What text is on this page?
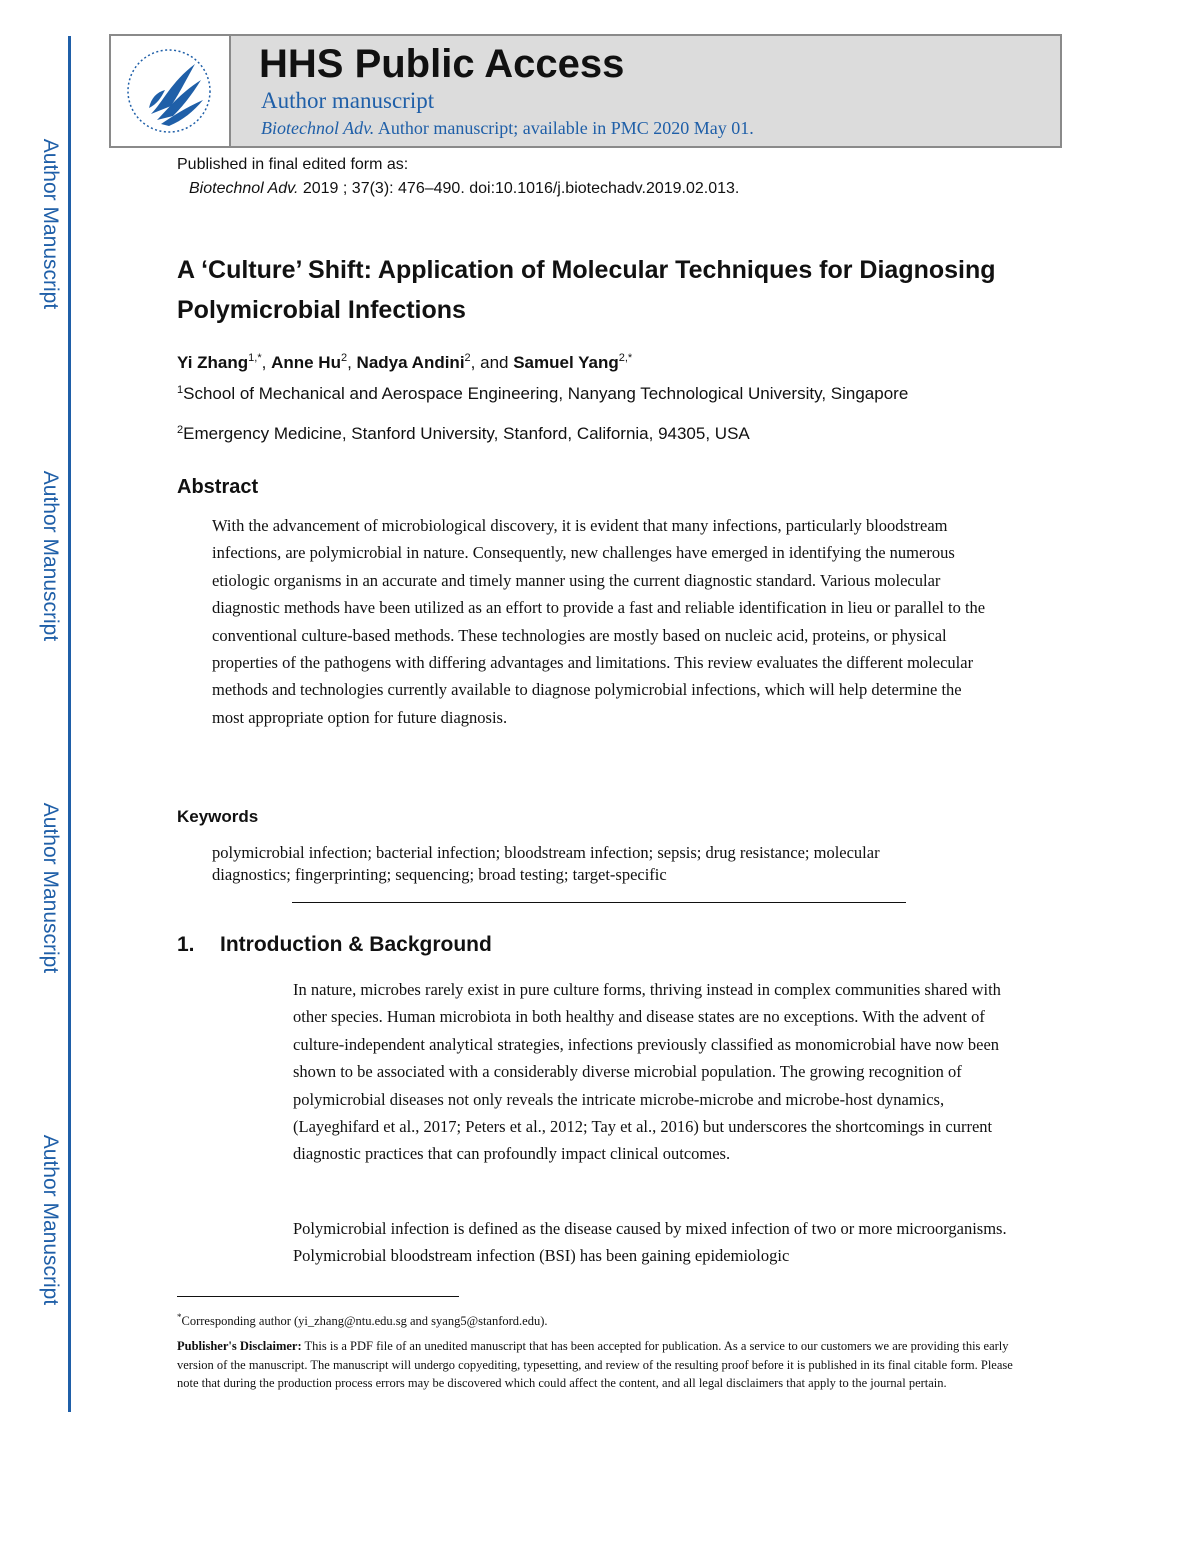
Author Manuscript
Author Manuscript
Author Manuscript
Author Manuscript
HHS Public Access
Author manuscript
Biotechnol Adv. Author manuscript; available in PMC 2020 May 01.
Published in final edited form as:
Biotechnol Adv. 2019 ; 37(3): 476–490. doi:10.1016/j.biotechadv.2019.02.013.
A ‘Culture’ Shift: Application of Molecular Techniques for Diagnosing Polymicrobial Infections
Yi Zhang$^{1,*}$, Anne Hu$^2$, Nadya Andini$^2$, and Samuel Yang$^{2,*}$
$^1$School of Mechanical and Aerospace Engineering, Nanyang Technological University, Singapore
$^2$Emergency Medicine, Stanford University, Stanford, California, 94305, USA
Abstract
With the advancement of microbiological discovery, it is evident that many infections, particularly bloodstream infections, are polymicrobial in nature. Consequently, new challenges have emerged in identifying the numerous etiologic organisms in an accurate and timely manner using the current diagnostic standard. Various molecular diagnostic methods have been utilized as an effort to provide a fast and reliable identification in lieu or parallel to the conventional culture-based methods. These technologies are mostly based on nucleic acid, proteins, or physical properties of the pathogens with differing advantages and limitations. This review evaluates the different molecular methods and technologies currently available to diagnose polymicrobial infections, which will help determine the most appropriate option for future diagnosis.
Keywords
polymicrobial infection; bacterial infection; bloodstream infection; sepsis; drug resistance; molecular diagnostics; fingerprinting; sequencing; broad testing; target-specific
1. Introduction & Background
In nature, microbes rarely exist in pure culture forms, thriving instead in complex communities shared with other species. Human microbiota in both healthy and disease states are no exceptions. With the advent of culture-independent analytical strategies, infections previously classified as monomicrobial have now been shown to be associated with a considerably diverse microbial population. The growing recognition of polymicrobial diseases not only reveals the intricate microbe-microbe and microbe-host dynamics, (Layeghifard et al., 2017; Peters et al., 2012; Tay et al., 2016) but underscores the shortcomings in current diagnostic practices that can profoundly impact clinical outcomes.
Polymicrobial infection is defined as the disease caused by mixed infection of two or more microorganisms. Polymicrobial bloodstream infection (BSI) has been gaining epidemiologic
*Corresponding author (yi_zhang@ntu.edu.sg and syang5@stanford.edu).
Publisher's Disclaimer: This is a PDF file of an unedited manuscript that has been accepted for publication. As a service to our customers we are providing this early version of the manuscript. The manuscript will undergo copyediting, typesetting, and review of the resulting proof before it is published in its final citable form. Please note that during the production process errors may be discovered which could affect the content, and all legal disclaimers that apply to the journal pertain.
